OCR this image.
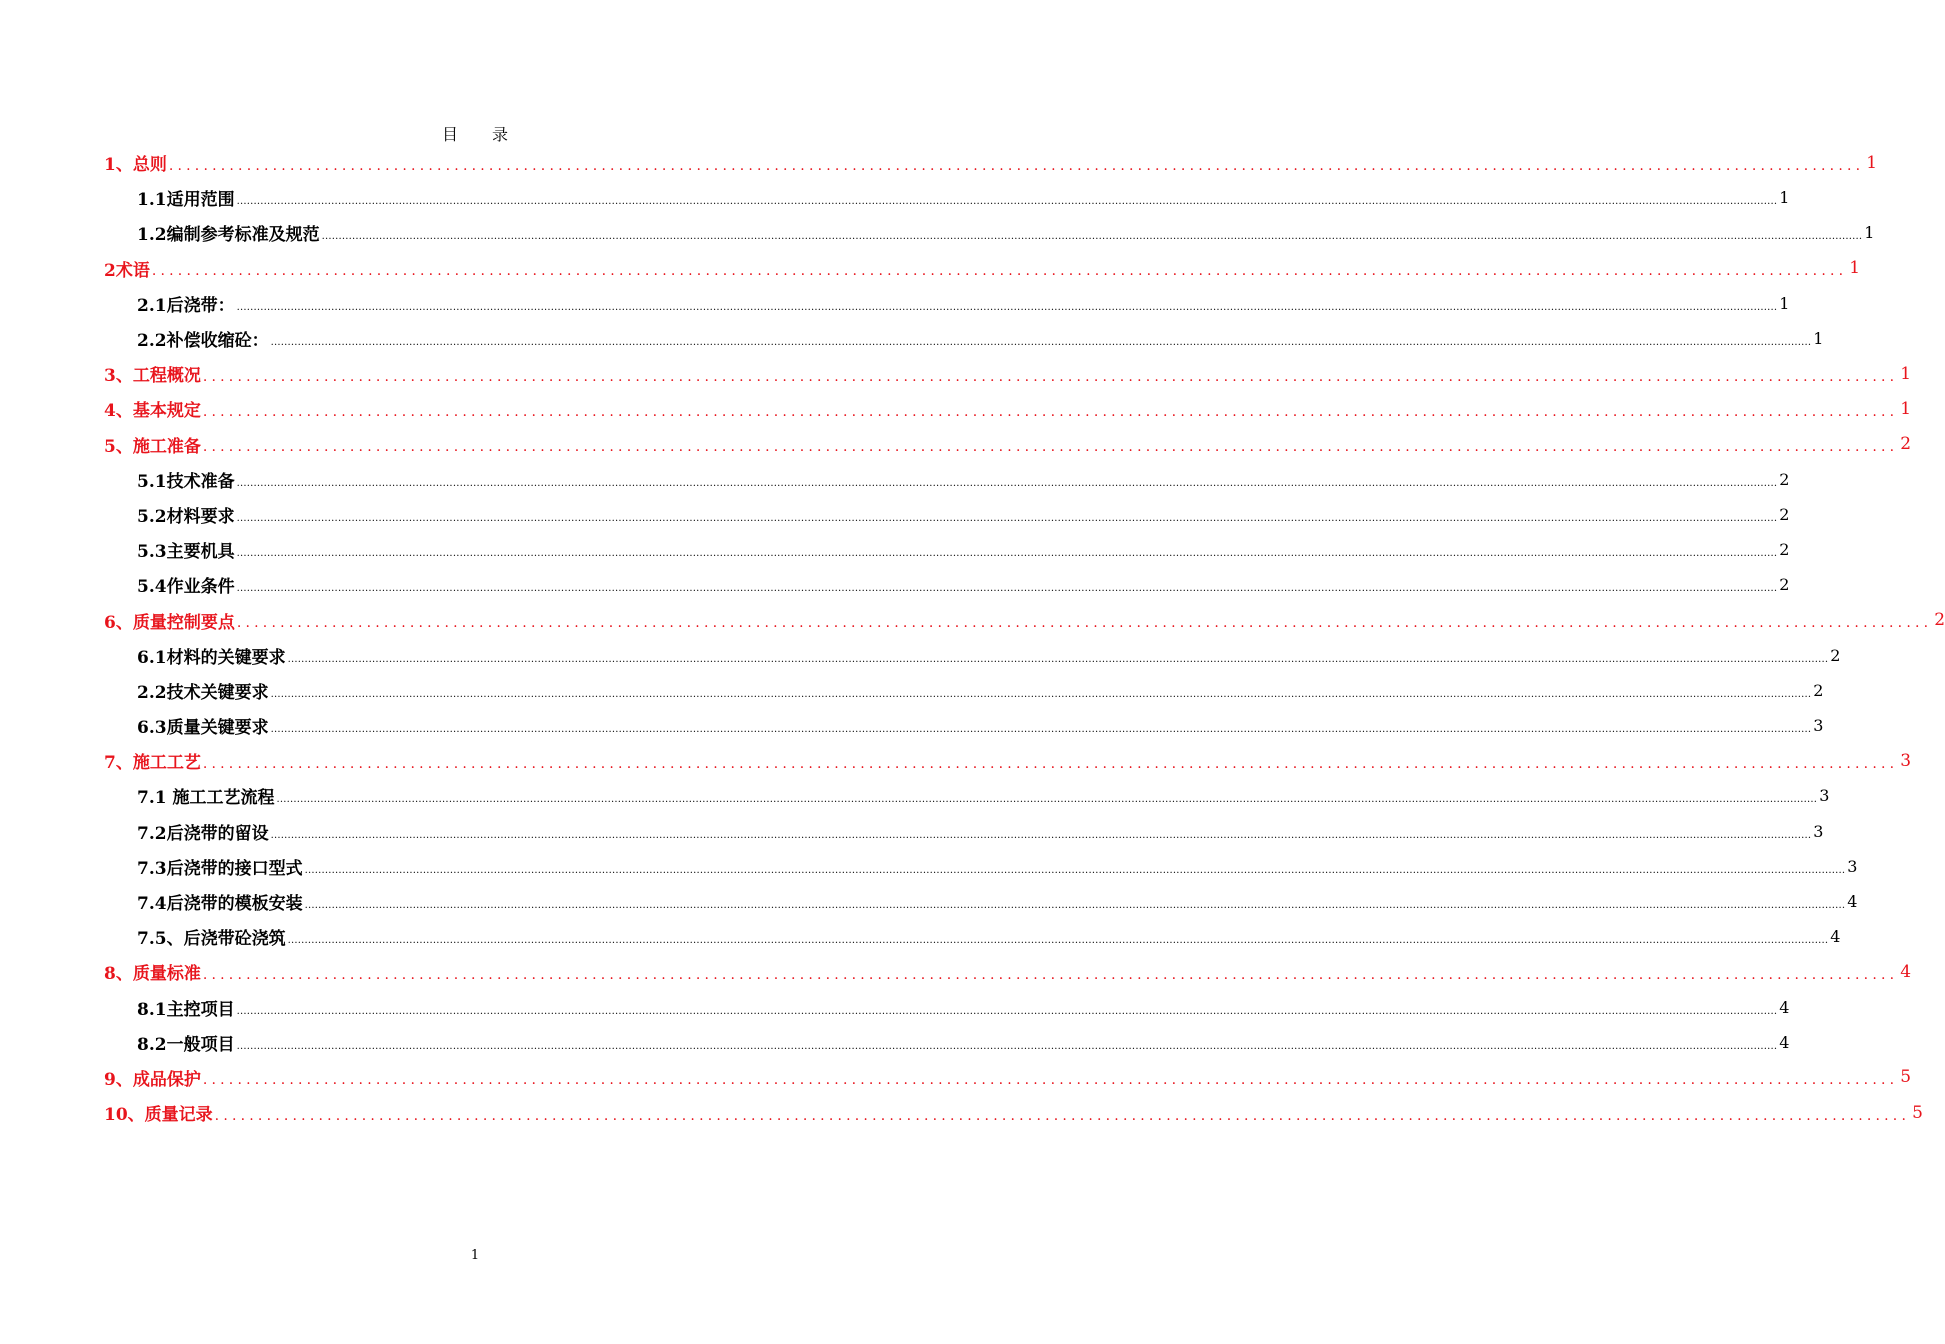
目 录
1、总则 .................................................................................................................................................................................................... 1
1.1适用范围 ........................................................................................................................................................................................................................................................................................................................................................................................................................................................................ 1
1.2编制参考标准及规范 ........................................................................................................................................................................................................................................................................................................................................................................................................................................................................ 1
2术语 .................................................................................................................................................................................................... 1
2.1后浇带： ........................................................................................................................................................................................................................................................................................................................................................................................................................................................................ 1
2.2补偿收缩砼： ........................................................................................................................................................................................................................................................................................................................................................................................................................................................................ 1
3、工程概况 .................................................................................................................................................................................................... 1
4、基本规定 .................................................................................................................................................................................................... 1
5、施工准备 .................................................................................................................................................................................................... 2
5.1技术准备 ........................................................................................................................................................................................................................................................................................................................................................................................................................................................................ 2
5.2材料要求 ........................................................................................................................................................................................................................................................................................................................................................................................................................................................................ 2
5.3主要机具 ........................................................................................................................................................................................................................................................................................................................................................................................................................................................................ 2
5.4作业条件 ........................................................................................................................................................................................................................................................................................................................................................................................................................................................................ 2
6、质量控制要点 .................................................................................................................................................................................................... 2
6.1材料的关键要求 ........................................................................................................................................................................................................................................................................................................................................................................................................................................................................ 2
2.2技术关键要求 ........................................................................................................................................................................................................................................................................................................................................................................................................................................................................ 2
6.3质量关键要求 ........................................................................................................................................................................................................................................................................................................................................................................................................................................................................ 3
7、施工工艺 .................................................................................................................................................................................................... 3
7.1 施工工艺流程 ........................................................................................................................................................................................................................................................................................................................................................................................................................................................................ 3
7.2后浇带的留设 ........................................................................................................................................................................................................................................................................................................................................................................................................................................................................ 3
7.3后浇带的接口型式 ........................................................................................................................................................................................................................................................................................................................................................................................................................................................................ 3
7.4后浇带的模板安装 ........................................................................................................................................................................................................................................................................................................................................................................................................................................................................ 4
7.5、后浇带砼浇筑 ........................................................................................................................................................................................................................................................................................................................................................................................................................................................................ 4
8、质量标准 .................................................................................................................................................................................................... 4
8.1主控项目 ........................................................................................................................................................................................................................................................................................................................................................................................................................................................................ 4
8.2一般项目 ........................................................................................................................................................................................................................................................................................................................................................................................................................................................................ 4
9、成品保护 .................................................................................................................................................................................................... 5
10、质量记录 .................................................................................................................................................................................................... 5
1
